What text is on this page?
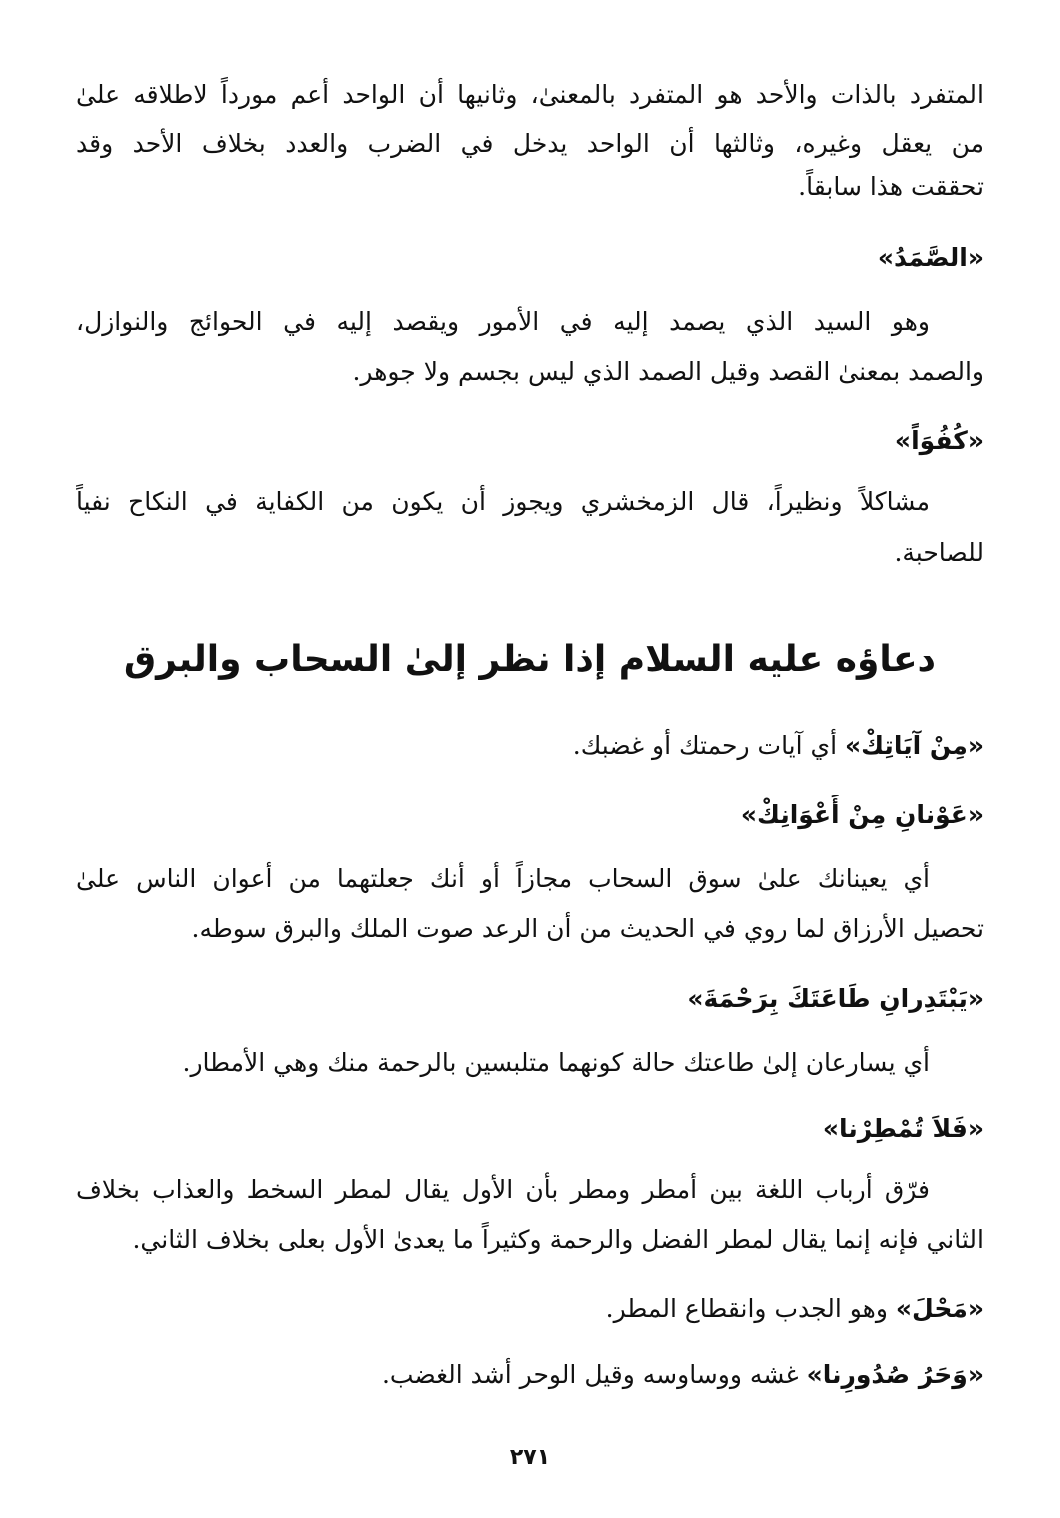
المتفرد بالذات والأحد هو المتفرد بالمعنىٰ، وثانيها أن الواحد أعم مورداً لاطلاقه علىٰ
من يعقل وغيره، وثالثها أن الواحد يدخل في الضرب والعدد بخلاف الأحد وقد
تحققت هذا سابقاً.
«الصَّمَدُ»
وهو السيد الذي يصمد إليه في الأمور ويقصد إليه في الحوائج والنوازل،
والصمد بمعنىٰ القصد وقيل الصمد الذي ليس بجسم ولا جوهر.
«كُفُوَاً»
مشاكلاً ونظيراً، قال الزمخشري ويجوز أن يكون من الكفاية في النكاح نفياً
للصاحبة.
دعاؤه عليه السلام إذا نظر إلىٰ السحاب والبرق
«مِنْ آيَاتِكْ» أي آيات رحمتك أو غضبك.
«عَوْنانِ مِنْ أَعْوَانِكْ»
أي يعينانك علىٰ سوق السحاب مجازاً أو أنك جعلتهما من أعوان الناس علىٰ
تحصيل الأرزاق لما روي في الحديث من أن الرعد صوت الملك والبرق سوطه.
«يَبْتَدِرانِ طَاعَتَكَ بِرَحْمَةَ»
أي يسارعان إلىٰ طاعتك حالة كونهما متلبسين بالرحمة منك وهي الأمطار.
«فَلاَ تُمْطِرْنا»
فرّق أرباب اللغة بين أمطر ومطر بأن الأول يقال لمطر السخط والعذاب بخلاف
الثاني فإنه إنما يقال لمطر الفضل والرحمة وكثيراً ما يعدىٰ الأول بعلى بخلاف الثاني.
«مَحْلَ» وهو الجدب وانقطاع المطر.
«وَحَرُ صُدُورِنا» غشه ووساوسه وقيل الوحر أشد الغضب.
٢٧١
